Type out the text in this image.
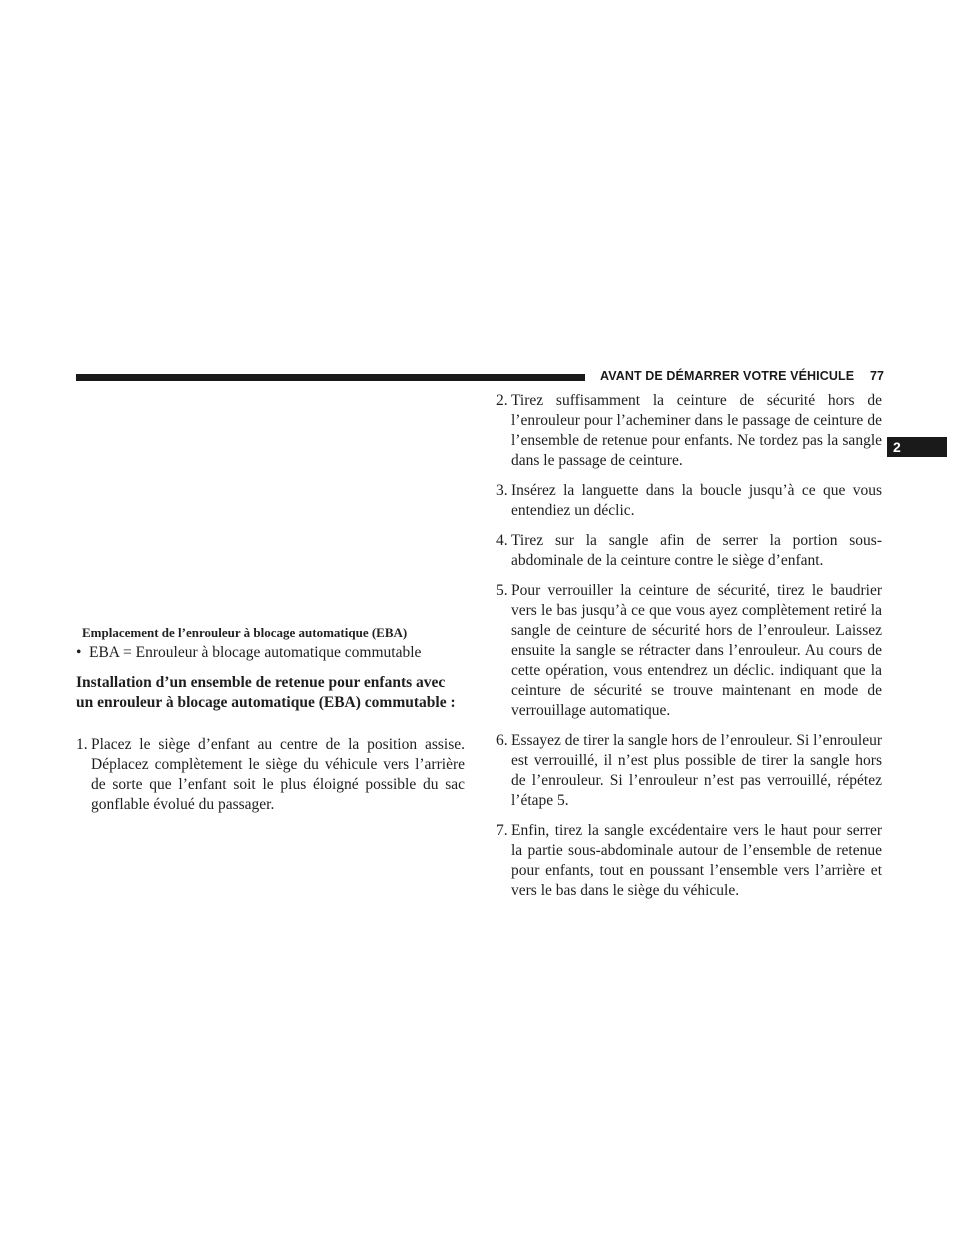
AVANT DE DÉMARRER VOTRE VÉHICULE 77
2
Emplacement de l’enrouleur à blocage automatique (EBA)
• EBA = Enrouleur à blocage automatique commutable
Installation d’un ensemble de retenue pour enfants avec un enrouleur à blocage automatique (EBA) commutable :
1. Placez le siège d’enfant au centre de la position assise. Déplacez complètement le siège du véhicule vers l’arrière de sorte que l’enfant soit le plus éloigné possible du sac gonflable évolué du passager.
2. Tirez suffisamment la ceinture de sécurité hors de l’enrouleur pour l’acheminer dans le passage de ceinture de l’ensemble de retenue pour enfants. Ne tordez pas la sangle dans le passage de ceinture.
3. Insérez la languette dans la boucle jusqu’à ce que vous entendiez un déclic.
4. Tirez sur la sangle afin de serrer la portion sous-abdominale de la ceinture contre le siège d’enfant.
5. Pour verrouiller la ceinture de sécurité, tirez le baudrier vers le bas jusqu’à ce que vous ayez complètement retiré la sangle de ceinture de sécurité hors de l’enrouleur. Laissez ensuite la sangle se rétracter dans l’enrouleur. Au cours de cette opération, vous entendrez un déclic. indiquant que la ceinture de sécurité se trouve maintenant en mode de verrouillage automatique.
6. Essayez de tirer la sangle hors de l’enrouleur. Si l’enrouleur est verrouillé, il n’est plus possible de tirer la sangle hors de l’enrouleur. Si l’enrouleur n’est pas verrouillé, répétez l’étape 5.
7. Enfin, tirez la sangle excédentaire vers le haut pour serrer la partie sous-abdominale autour de l’ensemble de retenue pour enfants, tout en poussant l’ensemble vers l’arrière et vers le bas dans le siège du véhicule.
